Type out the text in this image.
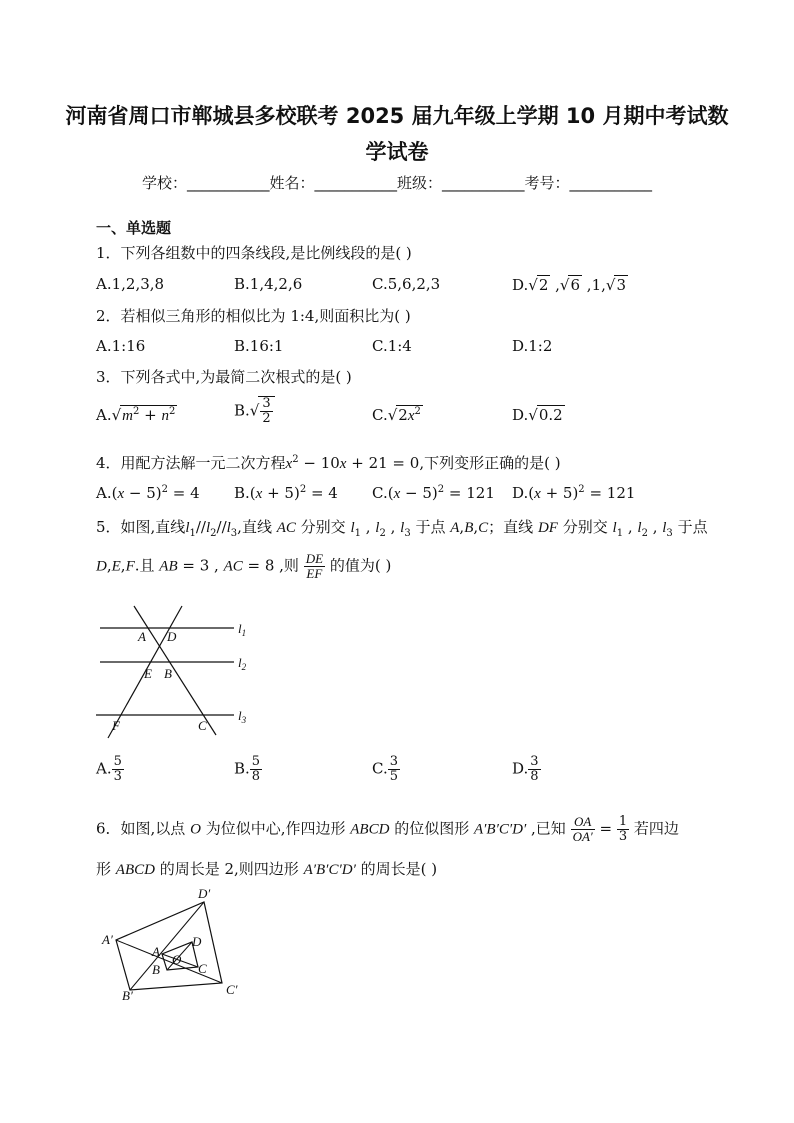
河南省周口市郸城县多校联考 2025 届九年级上学期 10 月期中考试数
学试卷
学校：___________姓名：___________班级：___________考号：___________
一、单选题
1．下列各组数中的四条线段,是比例线段的是( )
A.1,2,3,8	B.1,4,2,6	C.5,6,2,3	D.√2 ,√6 ,1,√3
2．若相似三角形的相似比为 1:4,则面积比为( )
A.1:16	B.16:1	C.1:4	D.1:2
3．下列各式中,为最简二次根式的是( )
$A.√m^2 + n^2$	$B.√ \frac{3}{2}$	$C.√2x^2$	D.√0.2
4．用配方法解一元二次方程$x^2 - 10x + 21 = 0$,下列变形正确的是( )
$A.(x - 5)^2 = 4$ $B.(x + 5)^2 = 4$ $C.(x - 5)^2 = 121$ $D.(x + 5)^2 = 121$
5．如图,直线$l_1//l_2//l_3$,直线 AC 分别交 $l_1$ , $l_2$ , $l_3$ 于点 A,B,C；直线 DF 分别交 $l_1$ , $l_2$ , $l_3$ 于点
D,E,F.且 AB = 3 , AC = 8 ,则 $\frac{DE}{EF}$ 的值为( )
A D
E B
F	C
$l_1$
$l_2$
$l_3$
A. $\frac{5}{3}$	B. $\frac{5}{8}$	C. $\frac{3}{5}$	D. $\frac{3}{8}$
6．如图,以点 O 为位似中心,作四边形 ABCD 的位似图形 A′B′C′D′ ,已知 $\frac{OA}{OA'} = \frac{1}{3}$ 若四边
形 ABCD 的周长是 2,则四边形 A′B′C′D′ 的周长是( )
D′
A′
B′	C′
A
D
B	C
O
